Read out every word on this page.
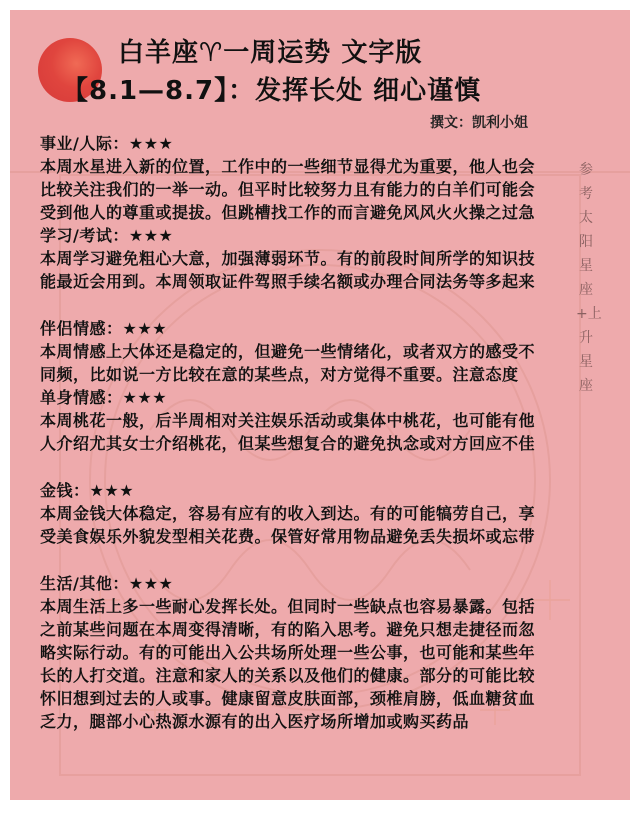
白羊座♈一周运势 文字版
【8.1—8.7】：发挥长处 细心谨慎
撰文：凯利小姐
参考太阳星座+上升星座
事业/人际：★★★
本周水星进入新的位置，工作中的一些细节显得尤为重要，他人也会
比较关注我们的一举一动。但平时比较努力且有能力的白羊们可能会
受到他人的尊重或提拔。但跳槽找工作的而言避免风风火火操之过急
学习/考试：★★★
本周学习避免粗心大意，加强薄弱环节。有的前段时间所学的知识技
能最近会用到。本周领取证件驾照手续名额或办理合同法务等多起来
伴侣情感：★★★
本周情感上大体还是稳定的，但避免一些情绪化，或者双方的感受不
同频，比如说一方比较在意的某些点，对方觉得不重要。注意态度
单身情感：★★★
本周桃花一般，后半周相对关注娱乐活动或集体中桃花，也可能有他
人介绍尤其女士介绍桃花，但某些想复合的避免执念或对方回应不佳
金钱：★★★
本周金钱大体稳定，容易有应有的收入到达。有的可能犒劳自己，享
受美食娱乐外貌发型相关花费。保管好常用物品避免丢失损坏或忘带
生活/其他：★★★
本周生活上多一些耐心发挥长处。但同时一些缺点也容易暴露。包括
之前某些问题在本周变得清晰，有的陷入思考。避免只想走捷径而忽
略实际行动。有的可能出入公共场所处理一些公事，也可能和某些年
长的人打交道。注意和家人的关系以及他们的健康。部分的可能比较
怀旧想到过去的人或事。健康留意皮肤面部，颈椎肩膀，低血糖贫血
乏力，腿部小心热源水源有的出入医疗场所增加或购买药品
